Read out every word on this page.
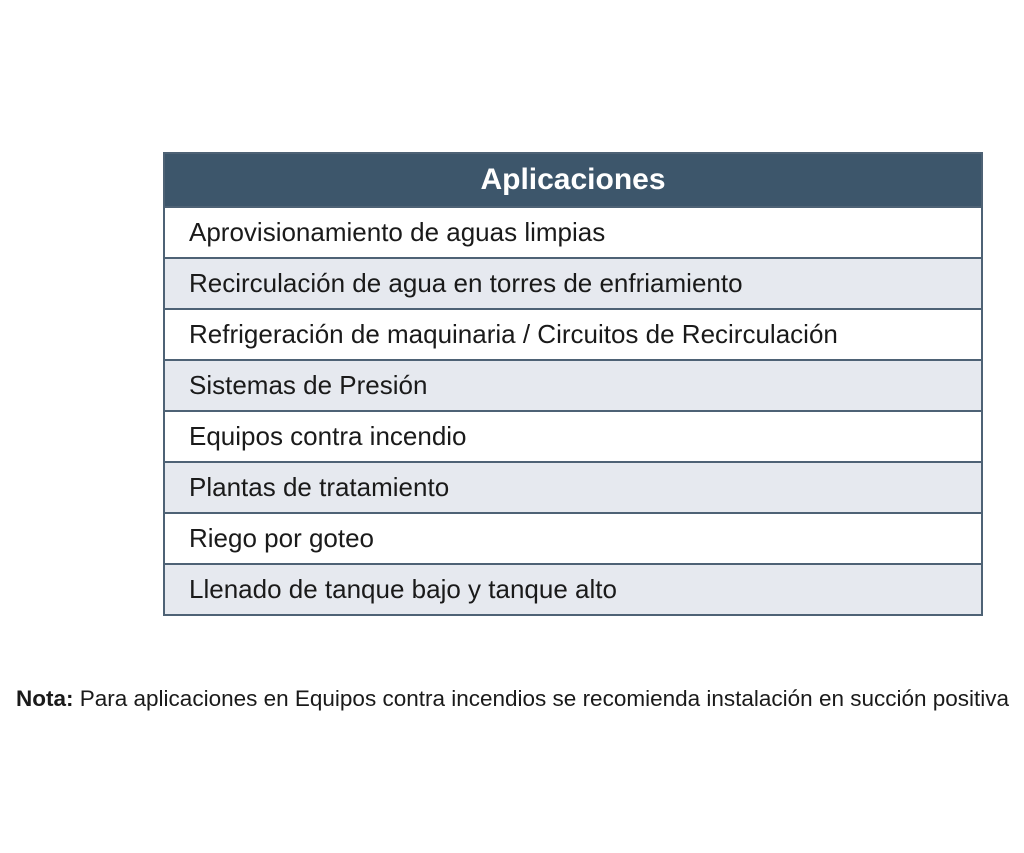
Aplicaciones
Aprovisionamiento de aguas limpias
Recirculación de agua en torres de enfriamiento
Refrigeración de maquinaria / Circuitos de Recirculación
Sistemas de Presión
Equipos contra incendio
Plantas de tratamiento
Riego por goteo
Llenado de tanque bajo y tanque alto

Nota: Para aplicaciones en Equipos contra incendios se recomienda instalación en succión positiva
